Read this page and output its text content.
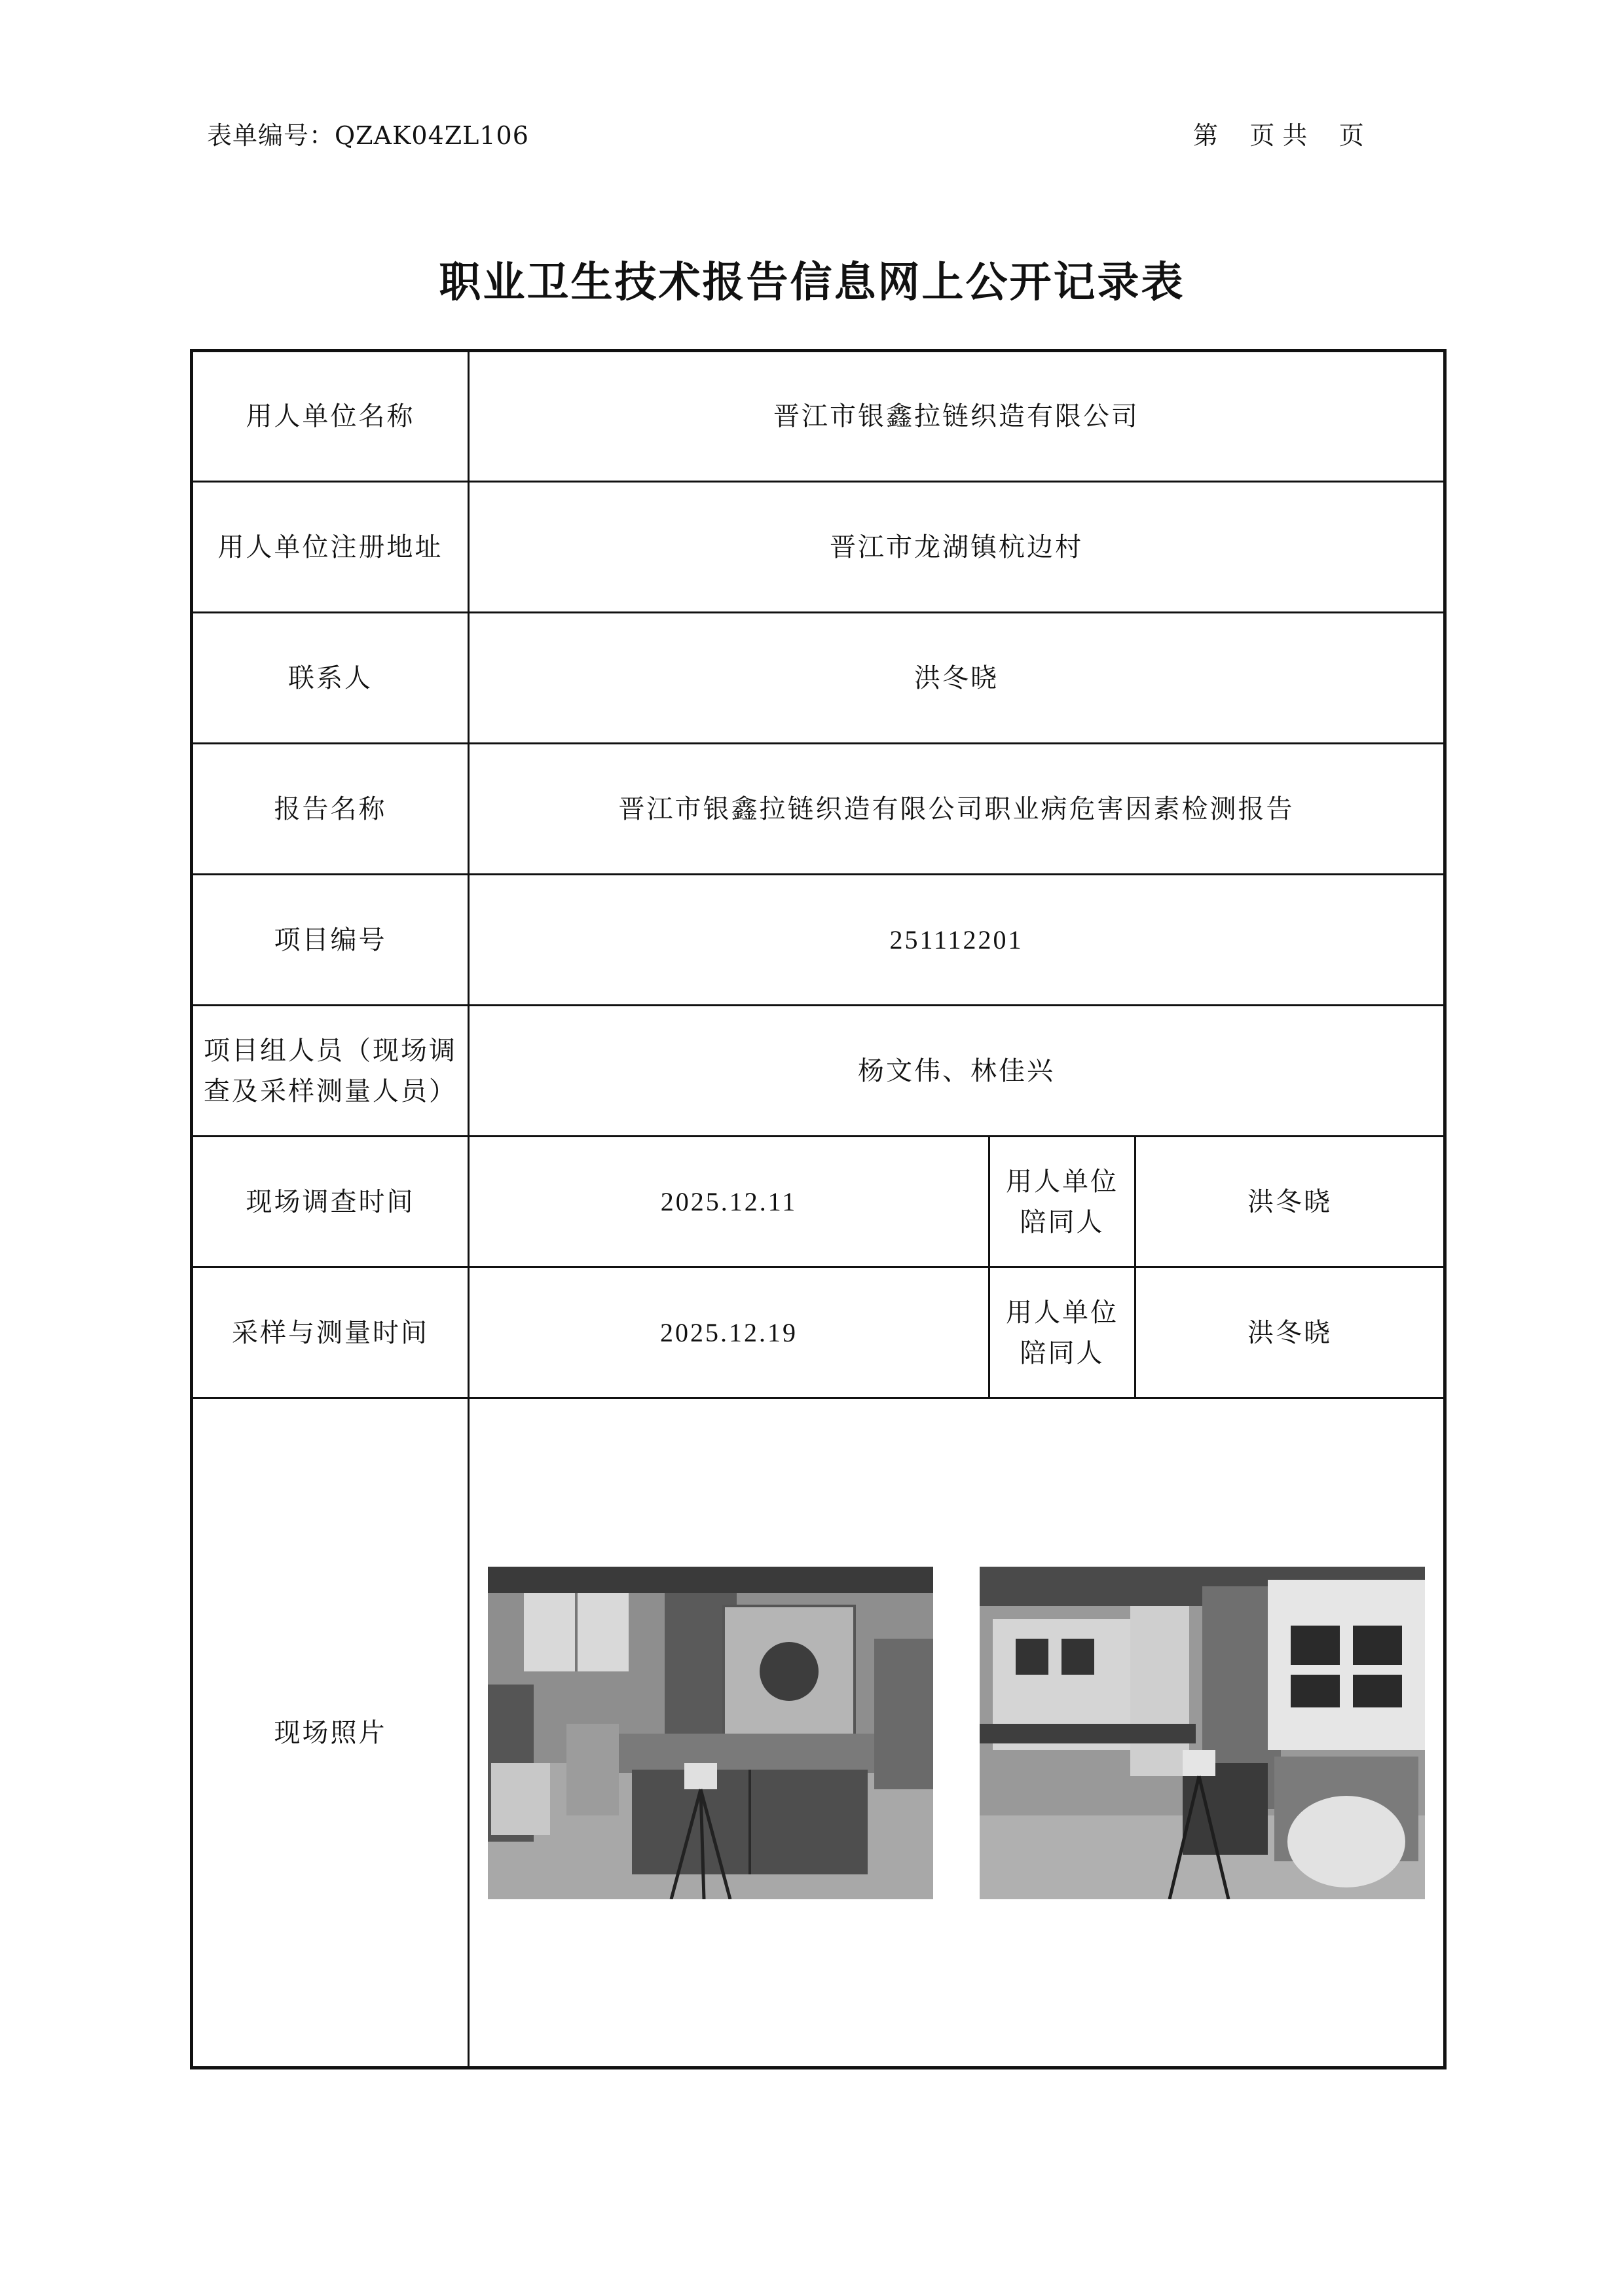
表单编号：QZAK04ZL106	第    页 共    页
职业卫生技术报告信息网上公开记录表
用人单位名称	晋江市银鑫拉链织造有限公司		
用人单位注册地址	晋江市龙湖镇杭边村		
联系人	洪冬晓		
报告名称	晋江市银鑫拉链织造有限公司职业病危害因素检测报告		
项目编号	251112201		
项目组人员（现场调查及采样测量人员）	杨文伟、林佳兴		
现场调查时间	2025.12.11	用人单位陪同人	洪冬晓
采样与测量时间	2025.12.19	用人单位陪同人	洪冬晓
现场照片	
